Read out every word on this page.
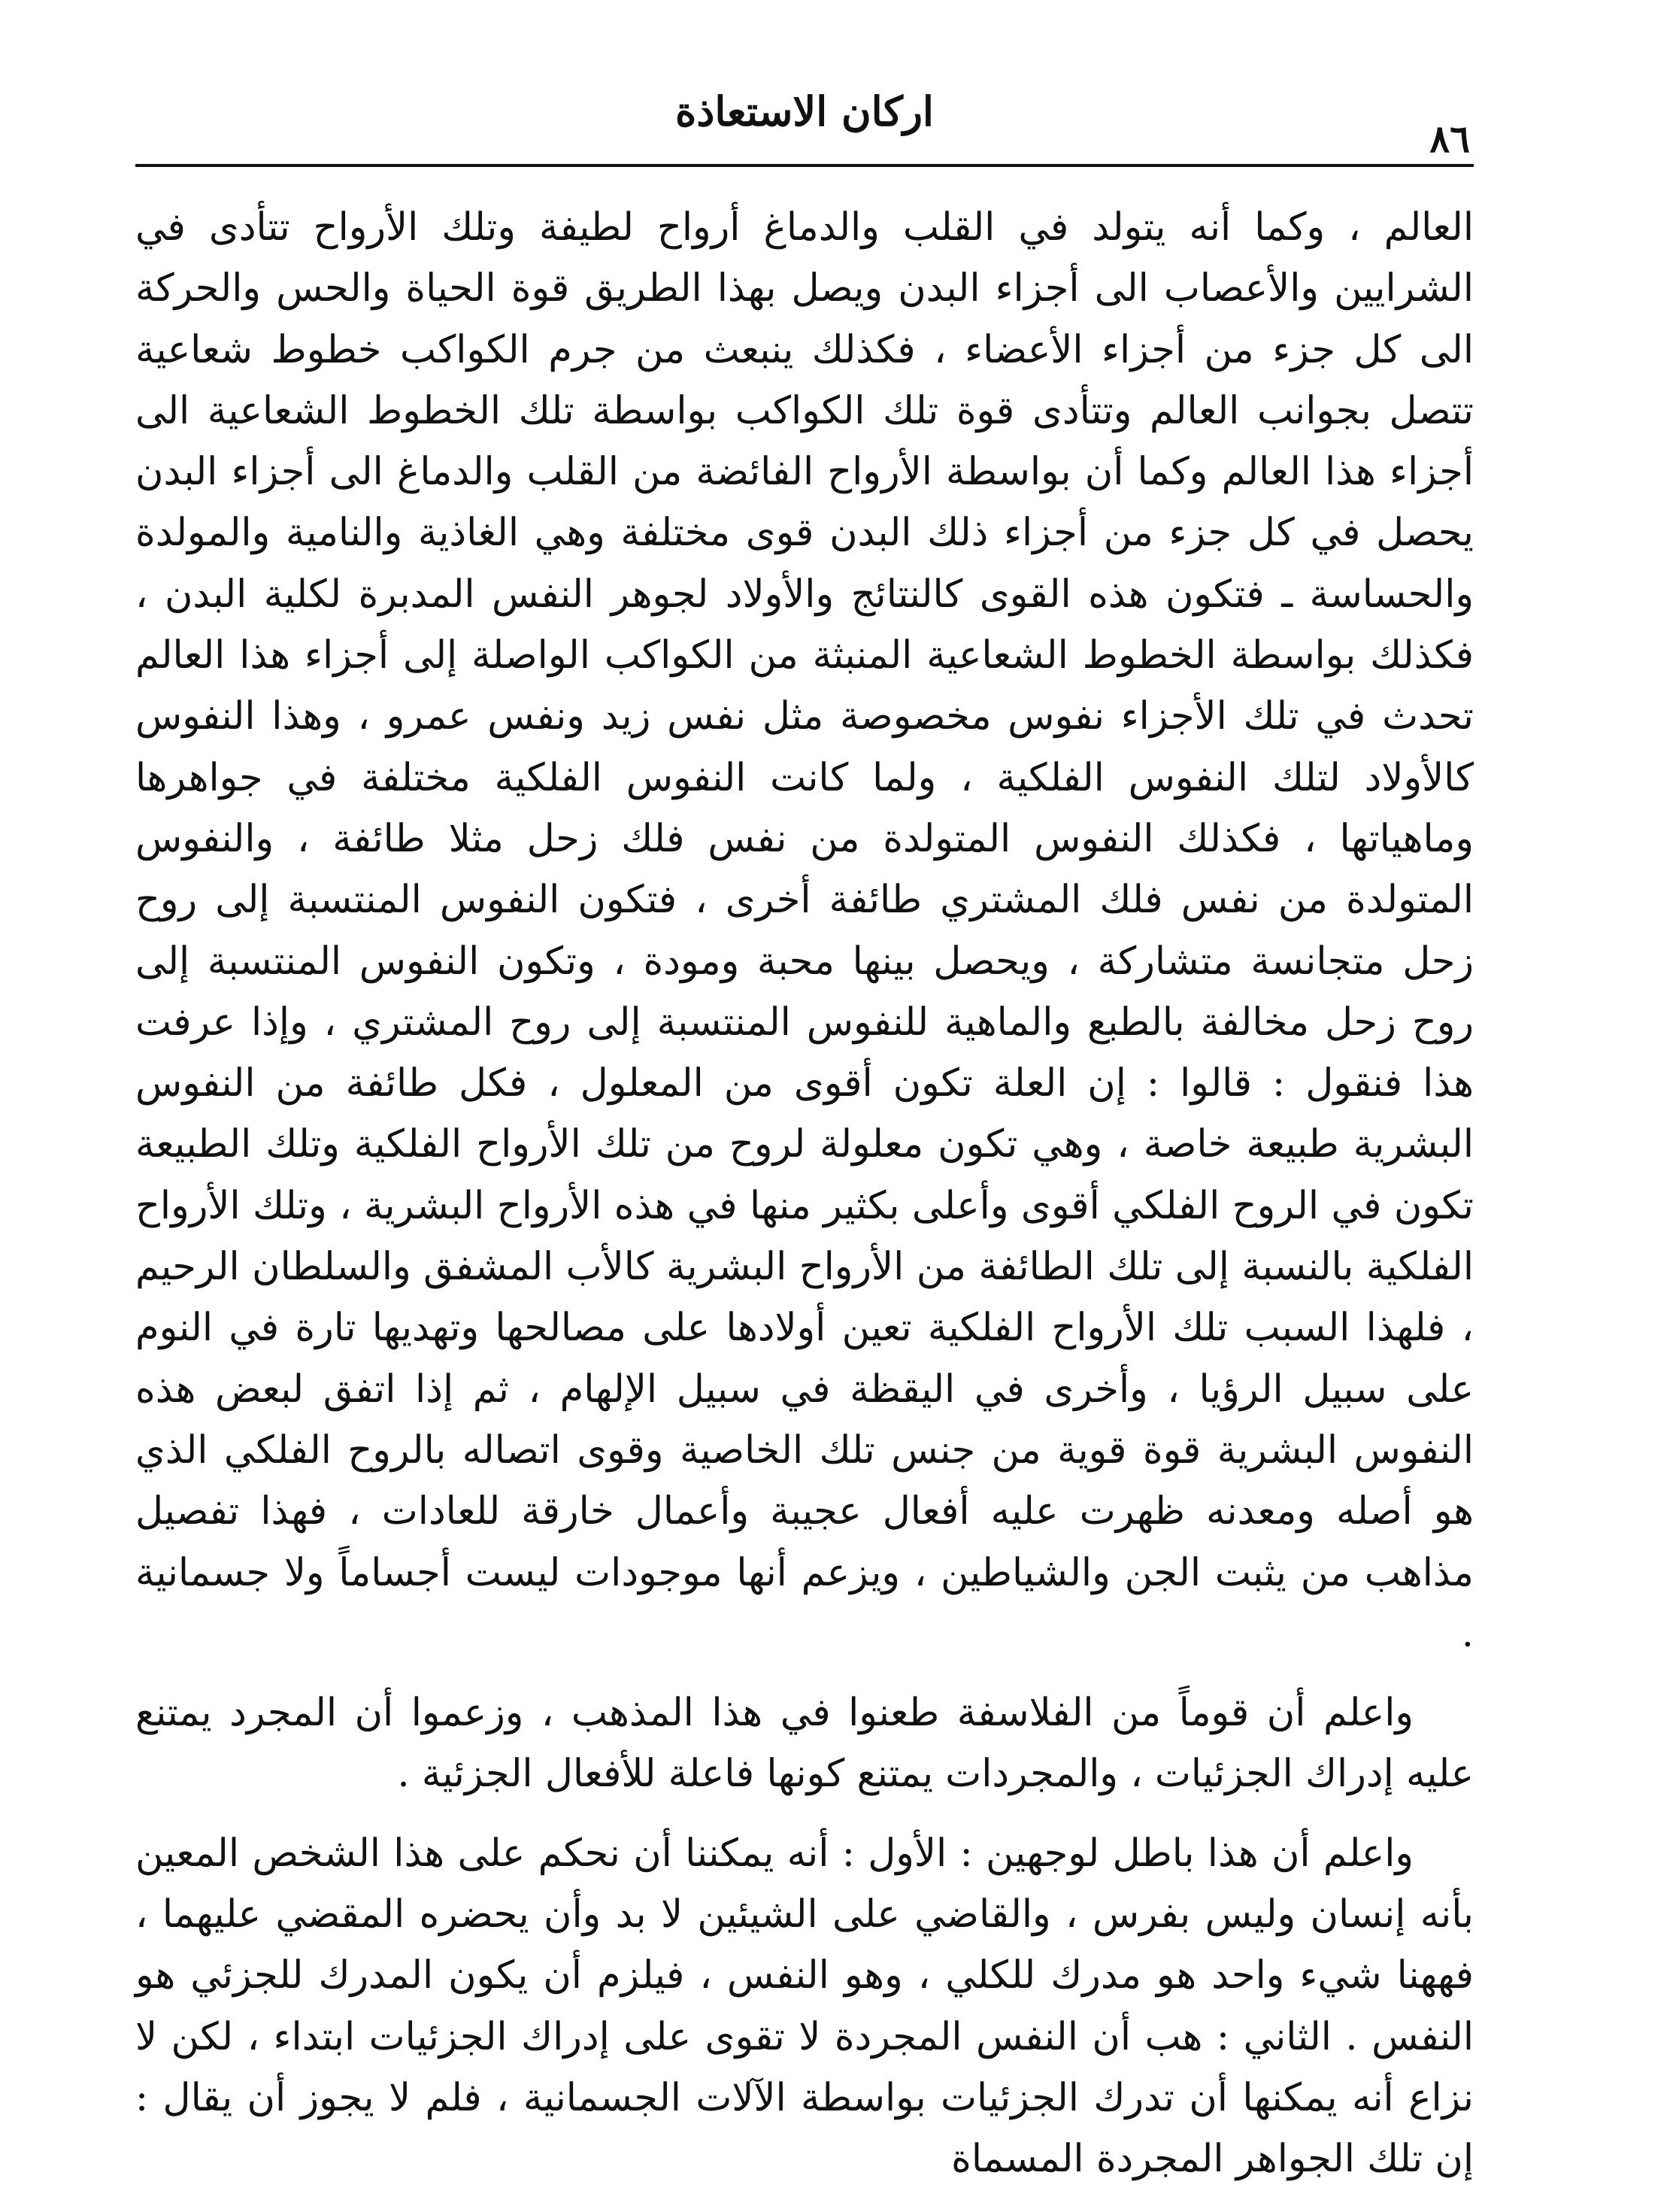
اركان الاستعاذة
٨٦

العالم ، وكما أنه يتولد في القلب والدماغ أرواح لطيفة وتلك الأرواح تتأدى في الشرايين والأعصاب الى أجزاء البدن ويصل بهذا الطريق قوة الحياة والحس والحركة الى كل جزء من أجزاء الأعضاء ، فكذلك ينبعث من جرم الكواكب خطوط شعاعية تتصل بجوانب العالم وتتأدى قوة تلك الكواكب بواسطة تلك الخطوط الشعاعية الى أجزاء هذا العالم وكما أن بواسطة الأرواح الفائضة من القلب والدماغ الى أجزاء البدن يحصل في كل جزء من أجزاء ذلك البدن قوى مختلفة وهي الغاذية والنامية والمولدة والحساسة ـ فتكون هذه القوى كالنتائج والأولاد لجوهر النفس المدبرة لكلية البدن ، فكذلك بواسطة الخطوط الشعاعية المنبثة من الكواكب الواصلة إلى أجزاء هذا العالم تحدث في تلك الأجزاء نفوس مخصوصة مثل نفس زيد ونفس عمرو ، وهذا النفوس كالأولاد لتلك النفوس الفلكية ، ولما كانت النفوس الفلكية مختلفة في جواهرها وماهياتها ، فكذلك النفوس المتولدة من نفس فلك زحل مثلا طائفة ، والنفوس المتولدة من نفس فلك المشتري طائفة أخرى ، فتكون النفوس المنتسبة إلى روح زحل متجانسة متشاركة ، ويحصل بينها محبة ومودة ، وتكون النفوس المنتسبة إلى روح زحل مخالفة بالطبع والماهية للنفوس المنتسبة إلى روح المشتري ، وإذا عرفت هذا فنقول : قالوا : إن العلة تكون أقوى من المعلول ، فكل طائفة من النفوس البشرية طبيعة خاصة ، وهي تكون معلولة لروح من تلك الأرواح الفلكية وتلك الطبيعة تكون في الروح الفلكي أقوى وأعلى بكثير منها في هذه الأرواح البشرية ، وتلك الأرواح الفلكية بالنسبة إلى تلك الطائفة من الأرواح البشرية كالأب المشفق والسلطان الرحيم ، فلهذا السبب تلك الأرواح الفلكية تعين أولادها على مصالحها وتهديها تارة في النوم على سبيل الرؤيا ، وأخرى في اليقظة في سبيل الإلهام ، ثم إذا اتفق لبعض هذه النفوس البشرية قوة قوية من جنس تلك الخاصية وقوى اتصاله بالروح الفلكي الذي هو أصله ومعدنه ظهرت عليه أفعال عجيبة وأعمال خارقة للعادات ، فهذا تفصيل مذاهب من يثبت الجن والشياطين ، ويزعم أنها موجودات ليست أجساماً ولا جسمانية .

واعلم أن قوماً من الفلاسفة طعنوا في هذا المذهب ، وزعموا أن المجرد يمتنع عليه إدراك الجزئيات ، والمجردات يمتنع كونها فاعلة للأفعال الجزئية .

واعلم أن هذا باطل لوجهين : الأول : أنه يمكننا أن نحكم على هذا الشخص المعين بأنه إنسان وليس بفرس ، والقاضي على الشيئين لا بد وأن يحضره المقضي عليهما ، فههنا شيء واحد هو مدرك للكلي ، وهو النفس ، فيلزم أن يكون المدرك للجزئي هو النفس . الثاني : هب أن النفس المجردة لا تقوى على إدراك الجزئيات ابتداء ، لكن لا نزاع أنه يمكنها أن تدرك الجزئيات بواسطة الآلات الجسمانية ، فلم لا يجوز أن يقال : إن تلك الجواهر المجردة المسماة
